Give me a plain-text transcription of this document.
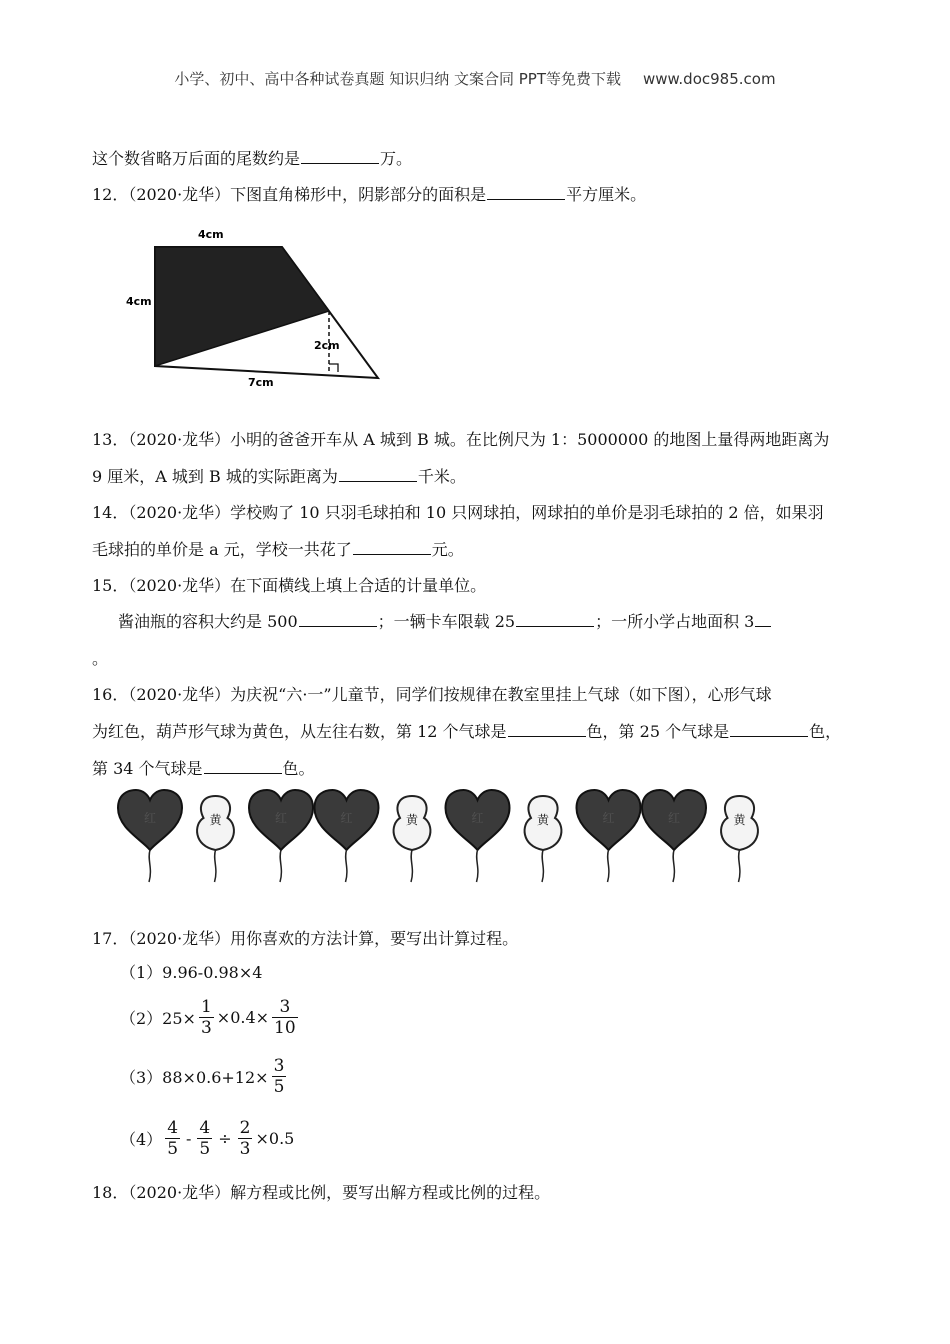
小学、初中、高中各种试卷真题 知识归纳 文案合同 PPT等免费下载 www.doc985.com
这个数省略万后面的尾数约是	万。
12．（2020·龙华）下图直角梯形中，阴影部分的面积是	平方厘米。
4cm
4cm
2cm
7cm
13．（2020·龙华）小明的爸爸开车从 A 城到 B 城。在比例尺为 1：5000000 的地图上量得两地距离为
9 厘米，A 城到 B 城的实际距离为	千米。
14．（2020·龙华）学校购了 10 只羽毛球拍和 10 只网球拍，网球拍的单价是羽毛球拍的 2 倍，如果羽
毛球拍的单价是 a 元，学校一共花了	元。
15．（2020·龙华）在下面横线上填上合适的计量单位。
酱油瓶的容积大约是 500	；一辆卡车限载 25	；一所小学占地面积 3
。
16．（2020·龙华）为庆祝“六·一”儿童节，同学们按规律在教室里挂上气球（如下图），心形气球
为红色，葫芦形气球为黄色，从左往右数，第 12 个气球是	色，第 25 个气球是	色，
第 34 个气球是	色。
红	黄	红	红	黄	红	黄	红	红	黄
17．（2020·龙华）用你喜欢的方法计算，要写出计算过程。
（1）9.96-0.98×4
$(2)25\times \frac{1}{3} \times 0.4\times \frac{3}{10}$
$(3)88\times 0.6+12\times \frac{3}{5}$
$(4) \frac{4}{5} - \frac{4}{5} \div \frac{2}{3} \times 0.5$
18．（2020·龙华）解方程或比例，要写出解方程或比例的过程。
